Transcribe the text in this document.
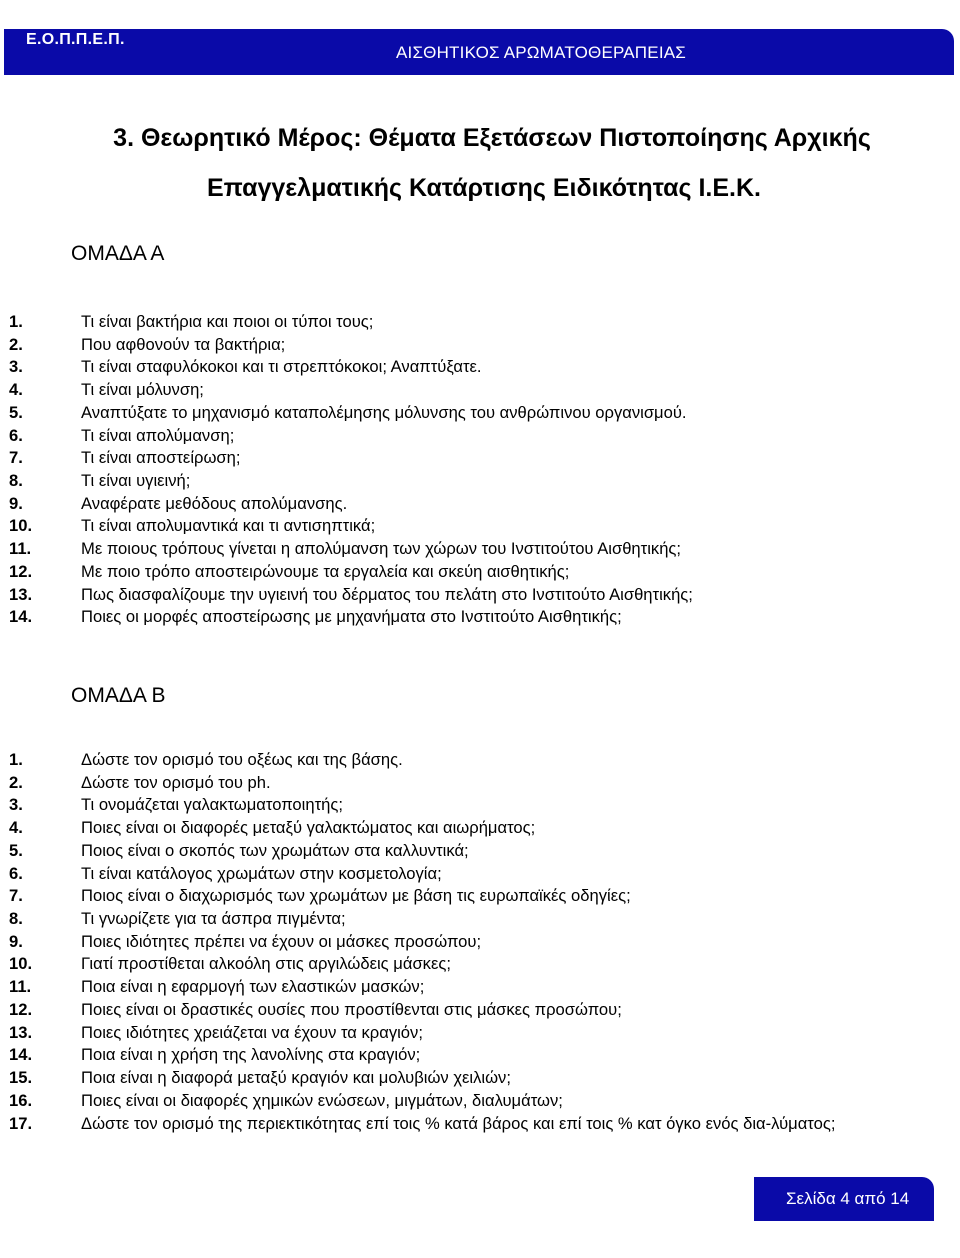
Ε.Ο.Π.Π.Ε.Π.
ΑΙΣΘΗΤΙΚΟΣ ΑΡΩΜΑΤΟΘΕΡΑΠΕΙΑΣ
3. Θεωρητικό Μέρος: Θέματα Εξετάσεων Πιστοποίησης Αρχικής
Επαγγελματικής Κατάρτισης Ειδικότητας Ι.Ε.Κ.
ΟΜΑΔΑ Α
1.	Τι είναι βακτήρια και ποιοι οι τύποι τους;
2.	Που αφθονούν τα βακτήρια;
3.	Τι είναι σταφυλόκοκοι και τι στρεπτόκοκοι; Αναπτύξατε.
4.	Τι είναι μόλυνση;
5.	Αναπτύξατε το μηχανισμό καταπολέμησης μόλυνσης του ανθρώπινου οργανισμού.
6.	Τι είναι απολύμανση;
7.	Τι είναι αποστείρωση;
8.	Τι είναι υγιεινή;
9.	Αναφέρατε μεθόδους απολύμανσης.
10.	Τι είναι απολυμαντικά και τι αντισηπτικά;
11.	Με ποιους τρόπους γίνεται η απολύμανση των χώρων του Ινστιτούτου Αισθητικής;
12.	Με ποιο τρόπο αποστειρώνουμε τα εργαλεία και σκεύη αισθητικής;
13.	Πως διασφαλίζουμε την υγιεινή του δέρματος του πελάτη στο Ινστιτούτο Αισθητικής;
14.	Ποιες οι μορφές αποστείρωσης με μηχανήματα στο Ινστιτούτο Αισθητικής;
ΟΜΑΔΑ Β
1.	Δώστε τον ορισμό του οξέως και της βάσης.
2.	Δώστε τον ορισμό του ph.
3.	Τι ονομάζεται γαλακτωματοποιητής;
4.	Ποιες είναι οι διαφορές μεταξύ γαλακτώματος και αιωρήματος;
5.	Ποιος είναι ο σκοπός των χρωμάτων στα καλλυντικά;
6.	Τι είναι κατάλογος χρωμάτων στην κοσμετολογία;
7.	Ποιος είναι ο διαχωρισμός των χρωμάτων με βάση τις ευρωπαϊκές οδηγίες;
8.	Τι γνωρίζετε για τα άσπρα πιγμέντα;
9.	Ποιες ιδιότητες πρέπει να έχουν οι μάσκες προσώπου;
10.	Γιατί προστίθεται αλκοόλη στις αργιλώδεις μάσκες;
11.	Ποια είναι η εφαρμογή των ελαστικών μασκών;
12.	Ποιες είναι οι δραστικές ουσίες που προστίθενται στις μάσκες προσώπου;
13.	Ποιες ιδιότητες χρειάζεται να έχουν τα κραγιόν;
14.	Ποια είναι η χρήση της λανολίνης στα κραγιόν;
15.	Ποια είναι η διαφορά μεταξύ κραγιόν και μολυβιών χειλιών;
16.	Ποιες είναι οι διαφορές χημικών ενώσεων, μιγμάτων, διαλυμάτων;
17.	Δώστε τον ορισμό της περιεκτικότητας επί τοις % κατά βάρος και επί τοις % κατ όγκο ενός δια-λύματος;
Σελίδα 4 από 14
